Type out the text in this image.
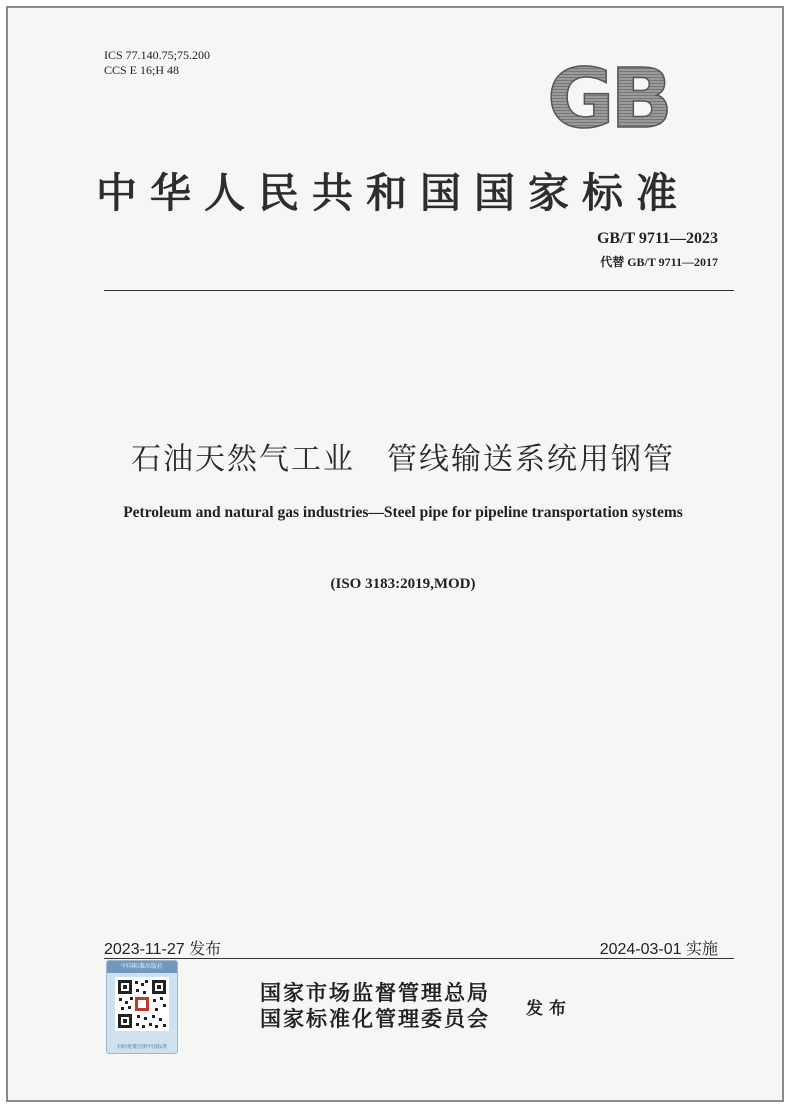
ICS 77.140.75;75.200
CCS E 16;H 48
中华人民共和国国家标准
GB/T 9711—2023
代替 GB/T 9711—2017
石油天然气工业　管线输送系统用钢管
Petroleum and natural gas industries—Steel pipe for pipeline transportation systems
(ISO 3183:2019,MOD)
2023-11-27 发布	2024-03-01 实施
国家市场监督管理总局
国家标准化管理委员会 发布
GB
中国标准出版社
扫码免费注册中国标准
